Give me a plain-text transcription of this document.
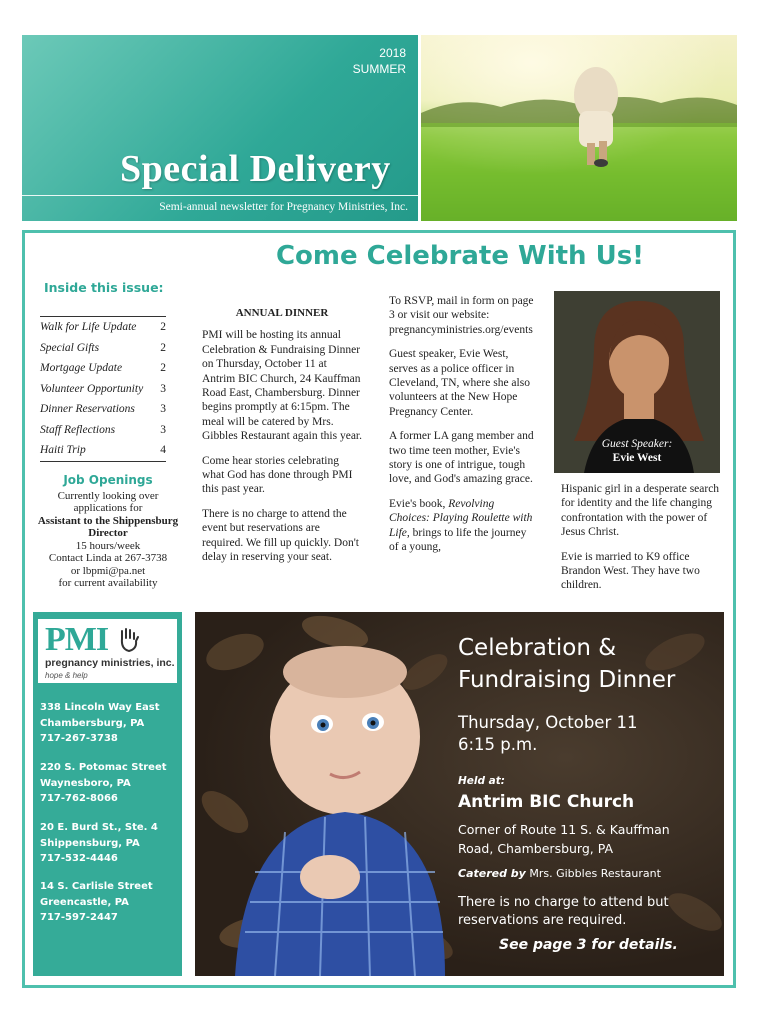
2018
SUMMER
Special Delivery
Semi-annual newsletter for Pregnancy Ministries, Inc.
Come Celebrate With Us!
Inside this issue:
Walk for Life Update 2
Special Gifts	2
Mortgage Update	2
Volunteer Opportunity 3
Dinner Reservations 3
Staff Reflections	3
Haiti Trip	4
Job Openings
Currently looking over applications for
Assistant to the Shippensburg Director
15 hours/week
Contact Linda at 267-3738
or lbpmi@pa.net
for current availability
ANNUAL DINNER

PMI will be hosting its annual Celebration & Fundraising Dinner on Thursday, October 11 at Antrim BIC Church, 24 Kauffman Road East, Chambersburg. Dinner begins promptly at 6:15pm. The meal will be catered by Mrs. Gibbles Restaurant again this year.

Come hear stories celebrating what God has done through PMI this past year.

There is no charge to attend the event but reservations are required. We fill up quickly. Don't delay in reserving your seat.

To RSVP, mail in form on page 3 or visit our website: pregnancyministries.org/events

Guest speaker, Evie West, serves as a police officer in Cleveland, TN, where she also volunteers at the New Hope Pregnancy Center.

A former LA gang member and two time teen mother, Evie's story is one of intrigue, tough love, and God's amazing grace.

Evie's book, Revolving Choices: Playing Roulette with Life, brings to life the journey of a young,

Guest Speaker:
Evie West

Hispanic girl in a desperate search for identity and the life changing confrontation with the power of Jesus Christ.

Evie is married to K9 office Brandon West. They have two children.

PMI
pregnancy ministries, inc.
hope & help
338 Lincoln Way East
Chambersburg, PA
717-267-3738
220 S. Potomac Street
Waynesboro, PA
717-762-8066
20 E. Burd St., Ste. 4
Shippensburg, PA
717-532-4446
14 S. Carlisle Street
Greencastle, PA
717-597-2447
Celebration &
Fundraising Dinner
Thursday, October 11
6:15 p.m.
Held at:
Antrim BIC Church
Corner of Route 11 S. & Kauffman
Road, Chambersburg, PA
Catered by Mrs. Gibbles Restaurant
There is no charge to attend but
reservations are required.
See page 3 for details.
